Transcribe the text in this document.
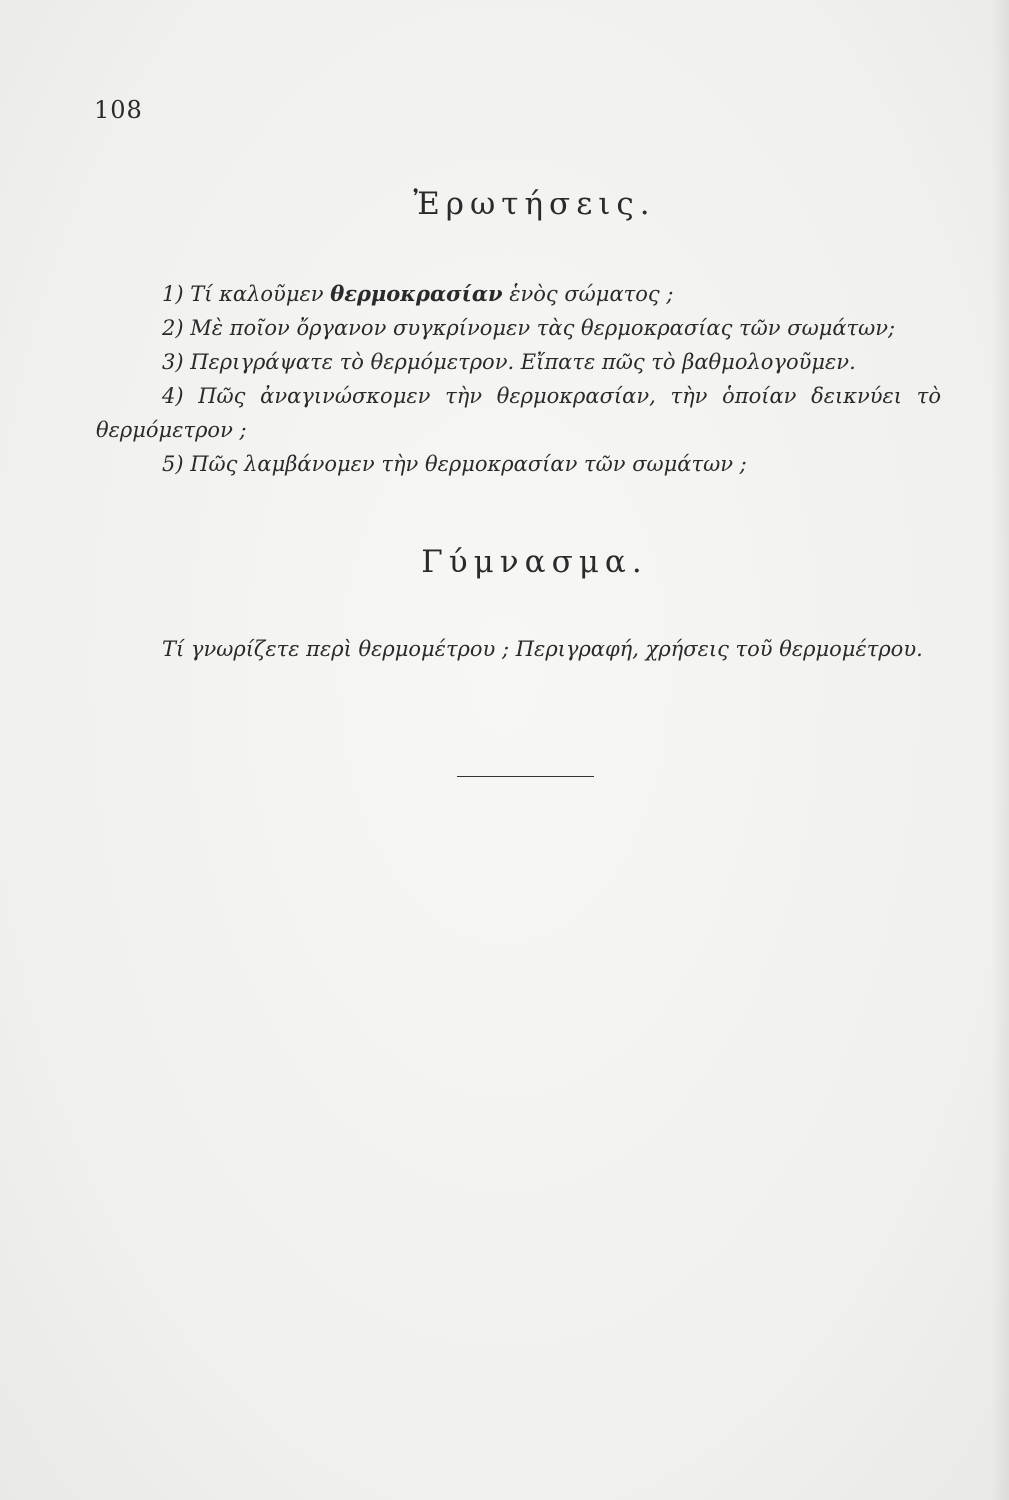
108
Ἐρωτήσεις.

1) Τί καλοῦμεν θερμοκρασίαν ἑνὸς σώματος ;

2) Μὲ ποῖον ὄργανον συγκρίνομεν τὰς θερμοκρασίας τῶν σωμάτων;

3) Περιγράψατε τὸ θερμόμετρον. Εἴπατε πῶς τὸ βαθμολογοῦμεν.

4) Πῶς ἀναγινώσκομεν τὴν θερμοκρασίαν, τὴν ὁποίαν δεικνύει τὸ θερμόμετρον ;

5) Πῶς λαμβάνομεν τὴν θερμοκρασίαν τῶν σωμάτων ;

Γύμνασμα.

Τί γνωρίζετε περὶ θερμομέτρου ; Περιγραφή, χρήσεις τοῦ θερμομέτρου.
